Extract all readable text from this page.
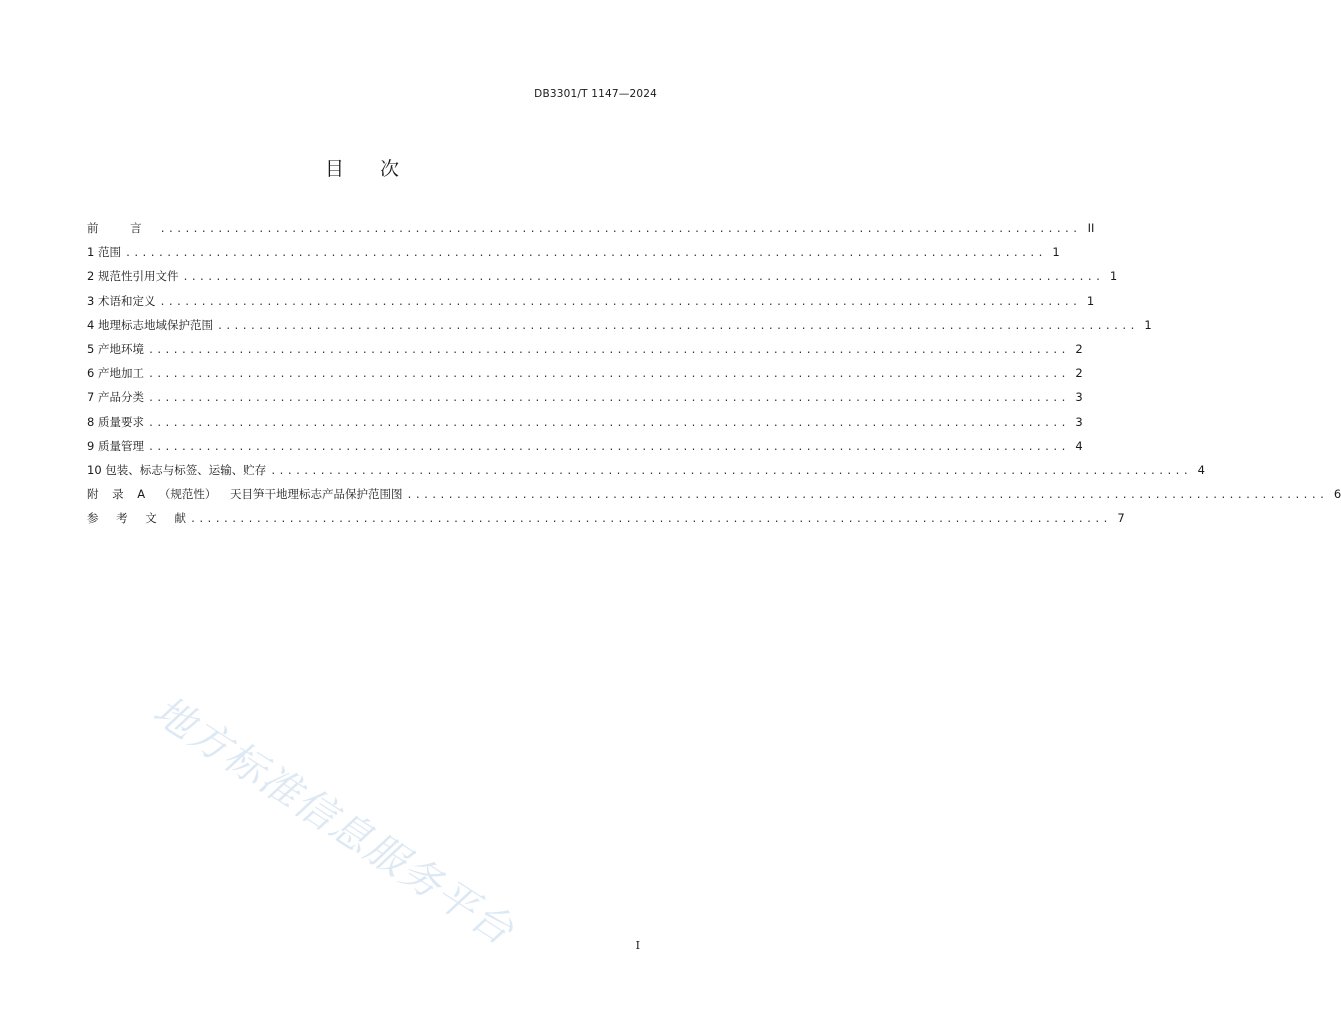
DB3301/T 1147—2024
目 次
前 言 ................................................................................................................ II
1 范围 ................................................................................................................ 1
2 规范性引用文件 ................................................................................................................ 1
3 术语和定义 ................................................................................................................ 1
4 地理标志地域保护范围 ................................................................................................................ 1
5 产地环境 ................................................................................................................ 2
6 产地加工 ................................................................................................................ 2
7 产品分类 ................................................................................................................ 3
8 质量要求 ................................................................................................................ 3
9 质量管理 ................................................................................................................ 4
10 包装、标志与标签、运输、贮存 ................................................................................................................ 4
附 录 A （规范性） 天目笋干地理标志产品保护范围图 ................................................................................................................ 6
参 考 文 献 ................................................................................................................ 7
地方标准信息服务平台	I
